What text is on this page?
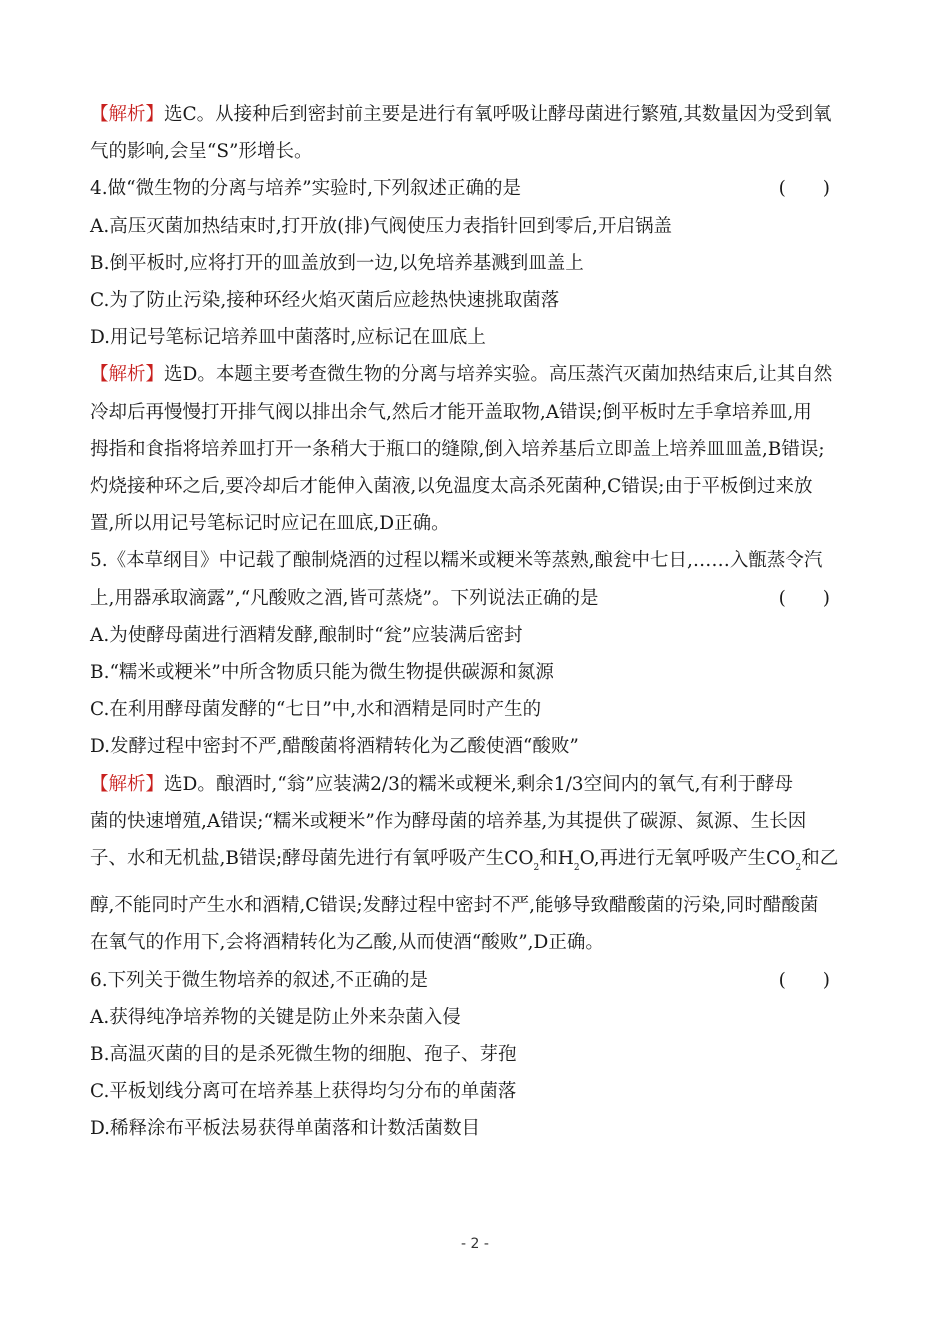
【解析】选C。从接种后到密封前主要是进行有氧呼吸让酵母菌进行繁殖,其数量因为受到氧
气的影响,会呈“S”形增长。
4.做“微生物的分离与培养”实验时,下列叙述正确的是	(　　)
A.高压灭菌加热结束时,打开放(排)气阀使压力表指针回到零后,开启锅盖
B.倒平板时,应将打开的皿盖放到一边,以免培养基溅到皿盖上
C.为了防止污染,接种环经火焰灭菌后应趁热快速挑取菌落
D.用记号笔标记培养皿中菌落时,应标记在皿底上
【解析】选D。本题主要考查微生物的分离与培养实验。高压蒸汽灭菌加热结束后,让其自然
冷却后再慢慢打开排气阀以排出余气,然后才能开盖取物,A错误;倒平板时左手拿培养皿,用
拇指和食指将培养皿打开一条稍大于瓶口的缝隙,倒入培养基后立即盖上培养皿皿盖,B错误;
灼烧接种环之后,要冷却后才能伸入菌液,以免温度太高杀死菌种,C错误;由于平板倒过来放
置,所以用记号笔标记时应记在皿底,D正确。
5.《本草纲目》中记载了酿制烧酒的过程以糯米或粳米等蒸熟,酿瓮中七日,……入甑蒸令汽
上,用器承取滴露”,“凡酸败之酒,皆可蒸烧”。下列说法正确的是	(　　)
A.为使酵母菌进行酒精发酵,酿制时“瓮”应装满后密封
B.“糯米或粳米”中所含物质只能为微生物提供碳源和氮源
C.在利用酵母菌发酵的“七日”中,水和酒精是同时产生的
D.发酵过程中密封不严,醋酸菌将酒精转化为乙酸使酒“酸败”
【解析】选D。酿酒时,“翁”应装满2/3的糯米或粳米,剩余1/3空间内的氧气,有利于酵母
菌的快速增殖,A错误;“糯米或粳米”作为酵母菌的培养基,为其提供了碳源、氮源、生长因
子、水和无机盐,B错误;酵母菌先进行有氧呼吸产生$CO_2$和$H_2O$,再进行无氧呼吸产生$CO_2$和乙
醇,不能同时产生水和酒精,C错误;发酵过程中密封不严,能够导致醋酸菌的污染,同时醋酸菌
在氧气的作用下,会将酒精转化为乙酸,从而使酒“酸败”,D正确。
6.下列关于微生物培养的叙述,不正确的是	(　　)
A.获得纯净培养物的关键是防止外来杂菌入侵
B.高温灭菌的目的是杀死微生物的细胞、孢子、芽孢
C.平板划线分离可在培养基上获得均匀分布的单菌落
D.稀释涂布平板法易获得单菌落和计数活菌数目
- 2 -
